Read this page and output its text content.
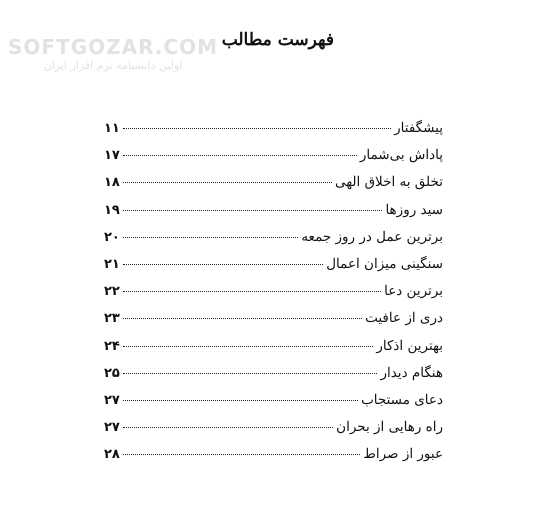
SOFTGOZAR.COM
اولین دانشنامه نرم افزار ایران
فهرست مطالب
پیشگفتار
۱۱
پاداش بی‌شمار
۱۷
تخلق به اخلاق الهی
۱۸
سید روزها
۱۹
برترین عمل در روز جمعه
۲۰
سنگینی میزان اعمال
۲۱
برترین دعا
۲۲
دری از عافیت
۲۳
بهترین اذکار
۲۴
هنگام دیدار
۲۵
دعای مستجاب
۲۷
راه رهایی از بحران
۲۷
عبور از صراط
۲۸
